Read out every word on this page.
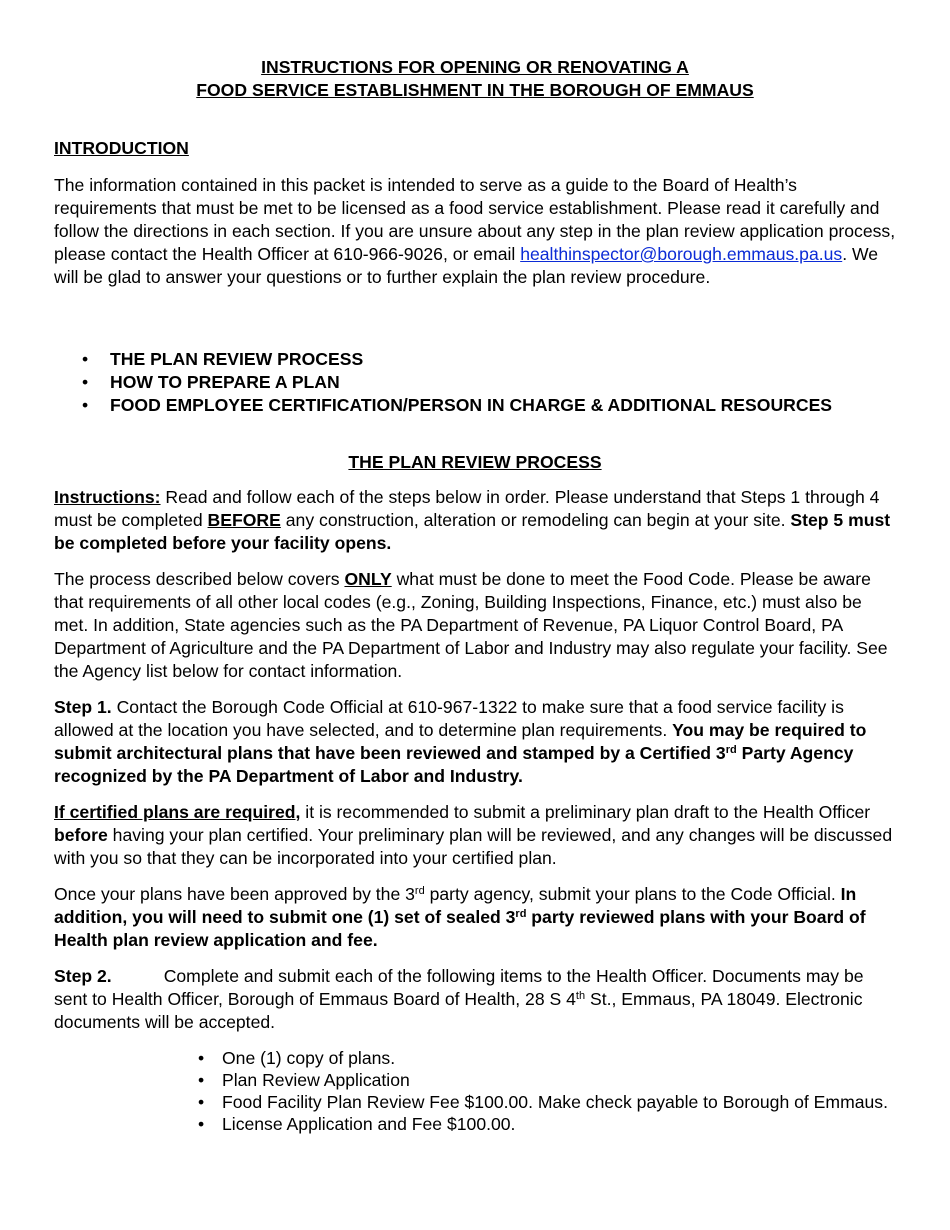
INSTRUCTIONS FOR OPENING OR RENOVATING A
FOOD SERVICE ESTABLISHMENT IN THE BOROUGH OF EMMAUS
INTRODUCTION

The information contained in this packet is intended to serve as a guide to the Board of Health’s requirements that must be met to be licensed as a food service establishment. Please read it carefully and follow the directions in each section. If you are unsure about any step in the plan review application process, please contact the Health Officer at 610-966-9026, or email healthinspector@borough.emmaus.pa.us. We will be glad to answer your questions or to further explain the plan review procedure.

• THE PLAN REVIEW PROCESS
• HOW TO PREPARE A PLAN
• FOOD EMPLOYEE CERTIFICATION/PERSON IN CHARGE & ADDITIONAL RESOURCES
THE PLAN REVIEW PROCESS

Instructions: Read and follow each of the steps below in order. Please understand that Steps 1 through 4 must be completed BEFORE any construction, alteration or remodeling can begin at your site. Step 5 must be completed before your facility opens.

The process described below covers ONLY what must be done to meet the Food Code. Please be aware that requirements of all other local codes (e.g., Zoning, Building Inspections, Finance, etc.) must also be met. In addition, State agencies such as the PA Department of Revenue, PA Liquor Control Board, PA Department of Agriculture and the PA Department of Labor and Industry may also regulate your facility. See the Agency list below for contact information.

Step 1. Contact the Borough Code Official at 610-967-1322 to make sure that a food service facility is allowed at the location you have selected, and to determine plan requirements. You may be required to submit architectural plans that have been reviewed and stamped by a Certified 3rd Party Agency recognized by the PA Department of Labor and Industry.

If certified plans are required, it is recommended to submit a preliminary plan draft to the Health Officer before having your plan certified. Your preliminary plan will be reviewed, and any changes will be discussed with you so that they can be incorporated into your certified plan.

Once your plans have been approved by the 3rd party agency, submit your plans to the Code Official. In addition, you will need to submit one (1) set of sealed 3rd party reviewed plans with your Board of Health plan review application and fee.

Step 2.	Complete and submit each of the following items to the Health Officer. Documents may be sent to Health Officer, Borough of Emmaus Board of Health, 28 S 4th St., Emmaus, PA 18049. Electronic documents will be accepted.

• One (1) copy of plans.
• Plan Review Application
• Food Facility Plan Review Fee $100.00. Make check payable to Borough of Emmaus.
• License Application and Fee $100.00.
